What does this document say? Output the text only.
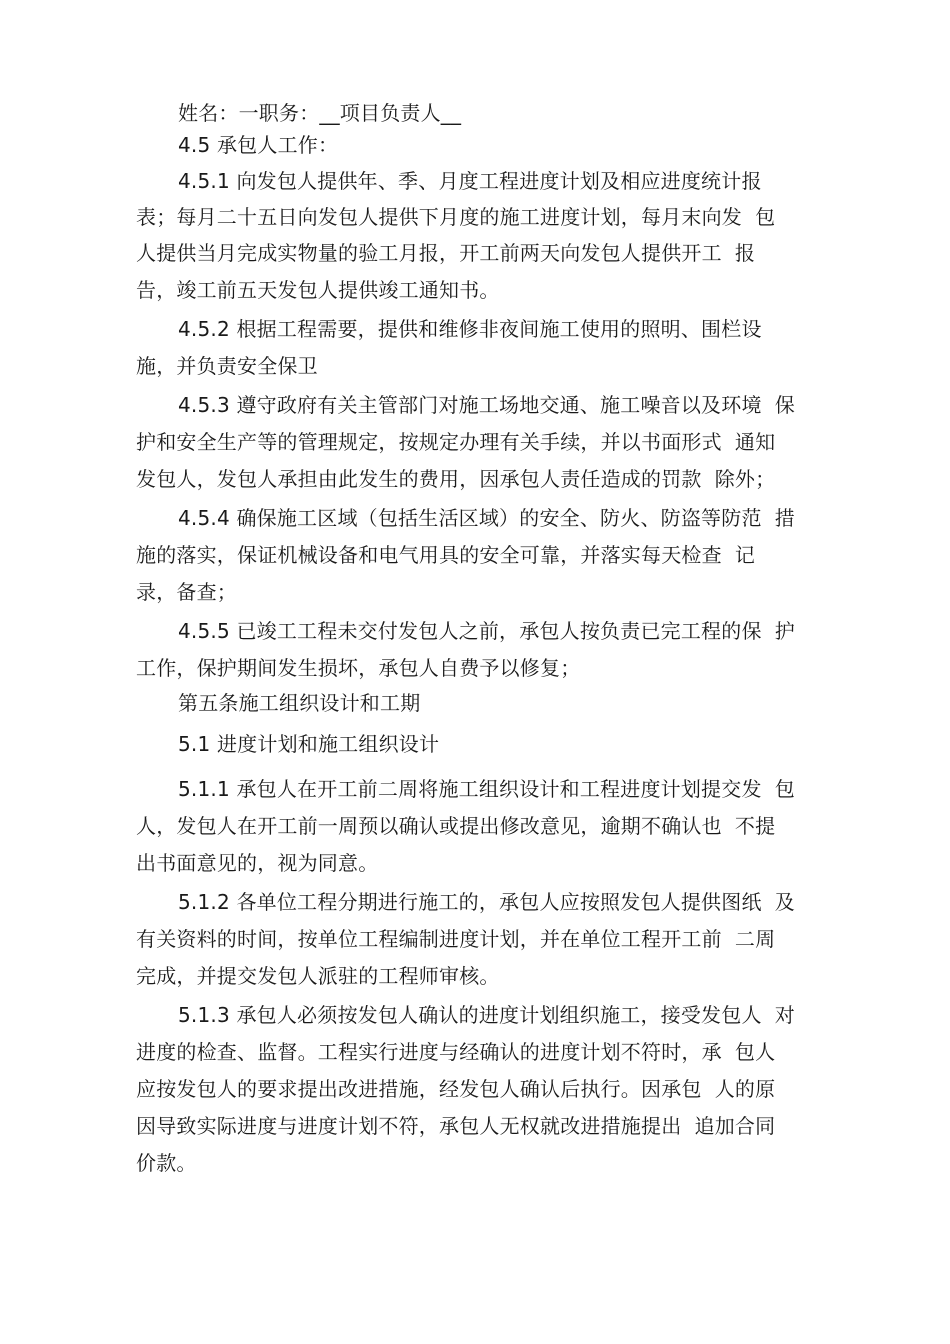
姓名：一职务：__项目负责人__
4.5 承包人工作：
4.5.1 向发包人提供年、季、月度工程进度计划及相应进度统计报
表；每月二十五日向发包人提供下月度的施工进度计划，每月末向发  包
人提供当月完成实物量的验工月报，开工前两天向发包人提供开工  报
告，竣工前五天发包人提供竣工通知书。
4.5.2 根据工程需要，提供和维修非夜间施工使用的照明、围栏设
施，并负责安全保卫
4.5.3 遵守政府有关主管部门对施工场地交通、施工噪音以及环境  保
护和安全生产等的管理规定，按规定办理有关手续，并以书面形式  通知
发包人，发包人承担由此发生的费用，因承包人责任造成的罚款  除外；
4.5.4 确保施工区域（包括生活区域）的安全、防火、防盗等防范  措
施的落实，保证机械设备和电气用具的安全可靠，并落实每天检查  记
录，备查；
4.5.5 已竣工工程未交付发包人之前，承包人按负责已完工程的保  护
工作，保护期间发生损坏，承包人自费予以修复；
第五条施工组织设计和工期
5.1 进度计划和施工组织设计
5.1.1 承包人在开工前二周将施工组织设计和工程进度计划提交发  包
人，发包人在开工前一周预以确认或提出修改意见，逾期不确认也  不提
出书面意见的，视为同意。
5.1.2 各单位工程分期进行施工的，承包人应按照发包人提供图纸  及
有关资料的时间，按单位工程编制进度计划，并在单位工程开工前  二周
完成，并提交发包人派驻的工程师审核。
5.1.3 承包人必须按发包人确认的进度计划组织施工，接受发包人  对
进度的检查、监督。工程实行进度与经确认的进度计划不符时，承  包人
应按发包人的要求提出改进措施，经发包人确认后执行。因承包  人的原
因导致实际进度与进度计划不符，承包人无权就改进措施提出  追加合同
价款。
